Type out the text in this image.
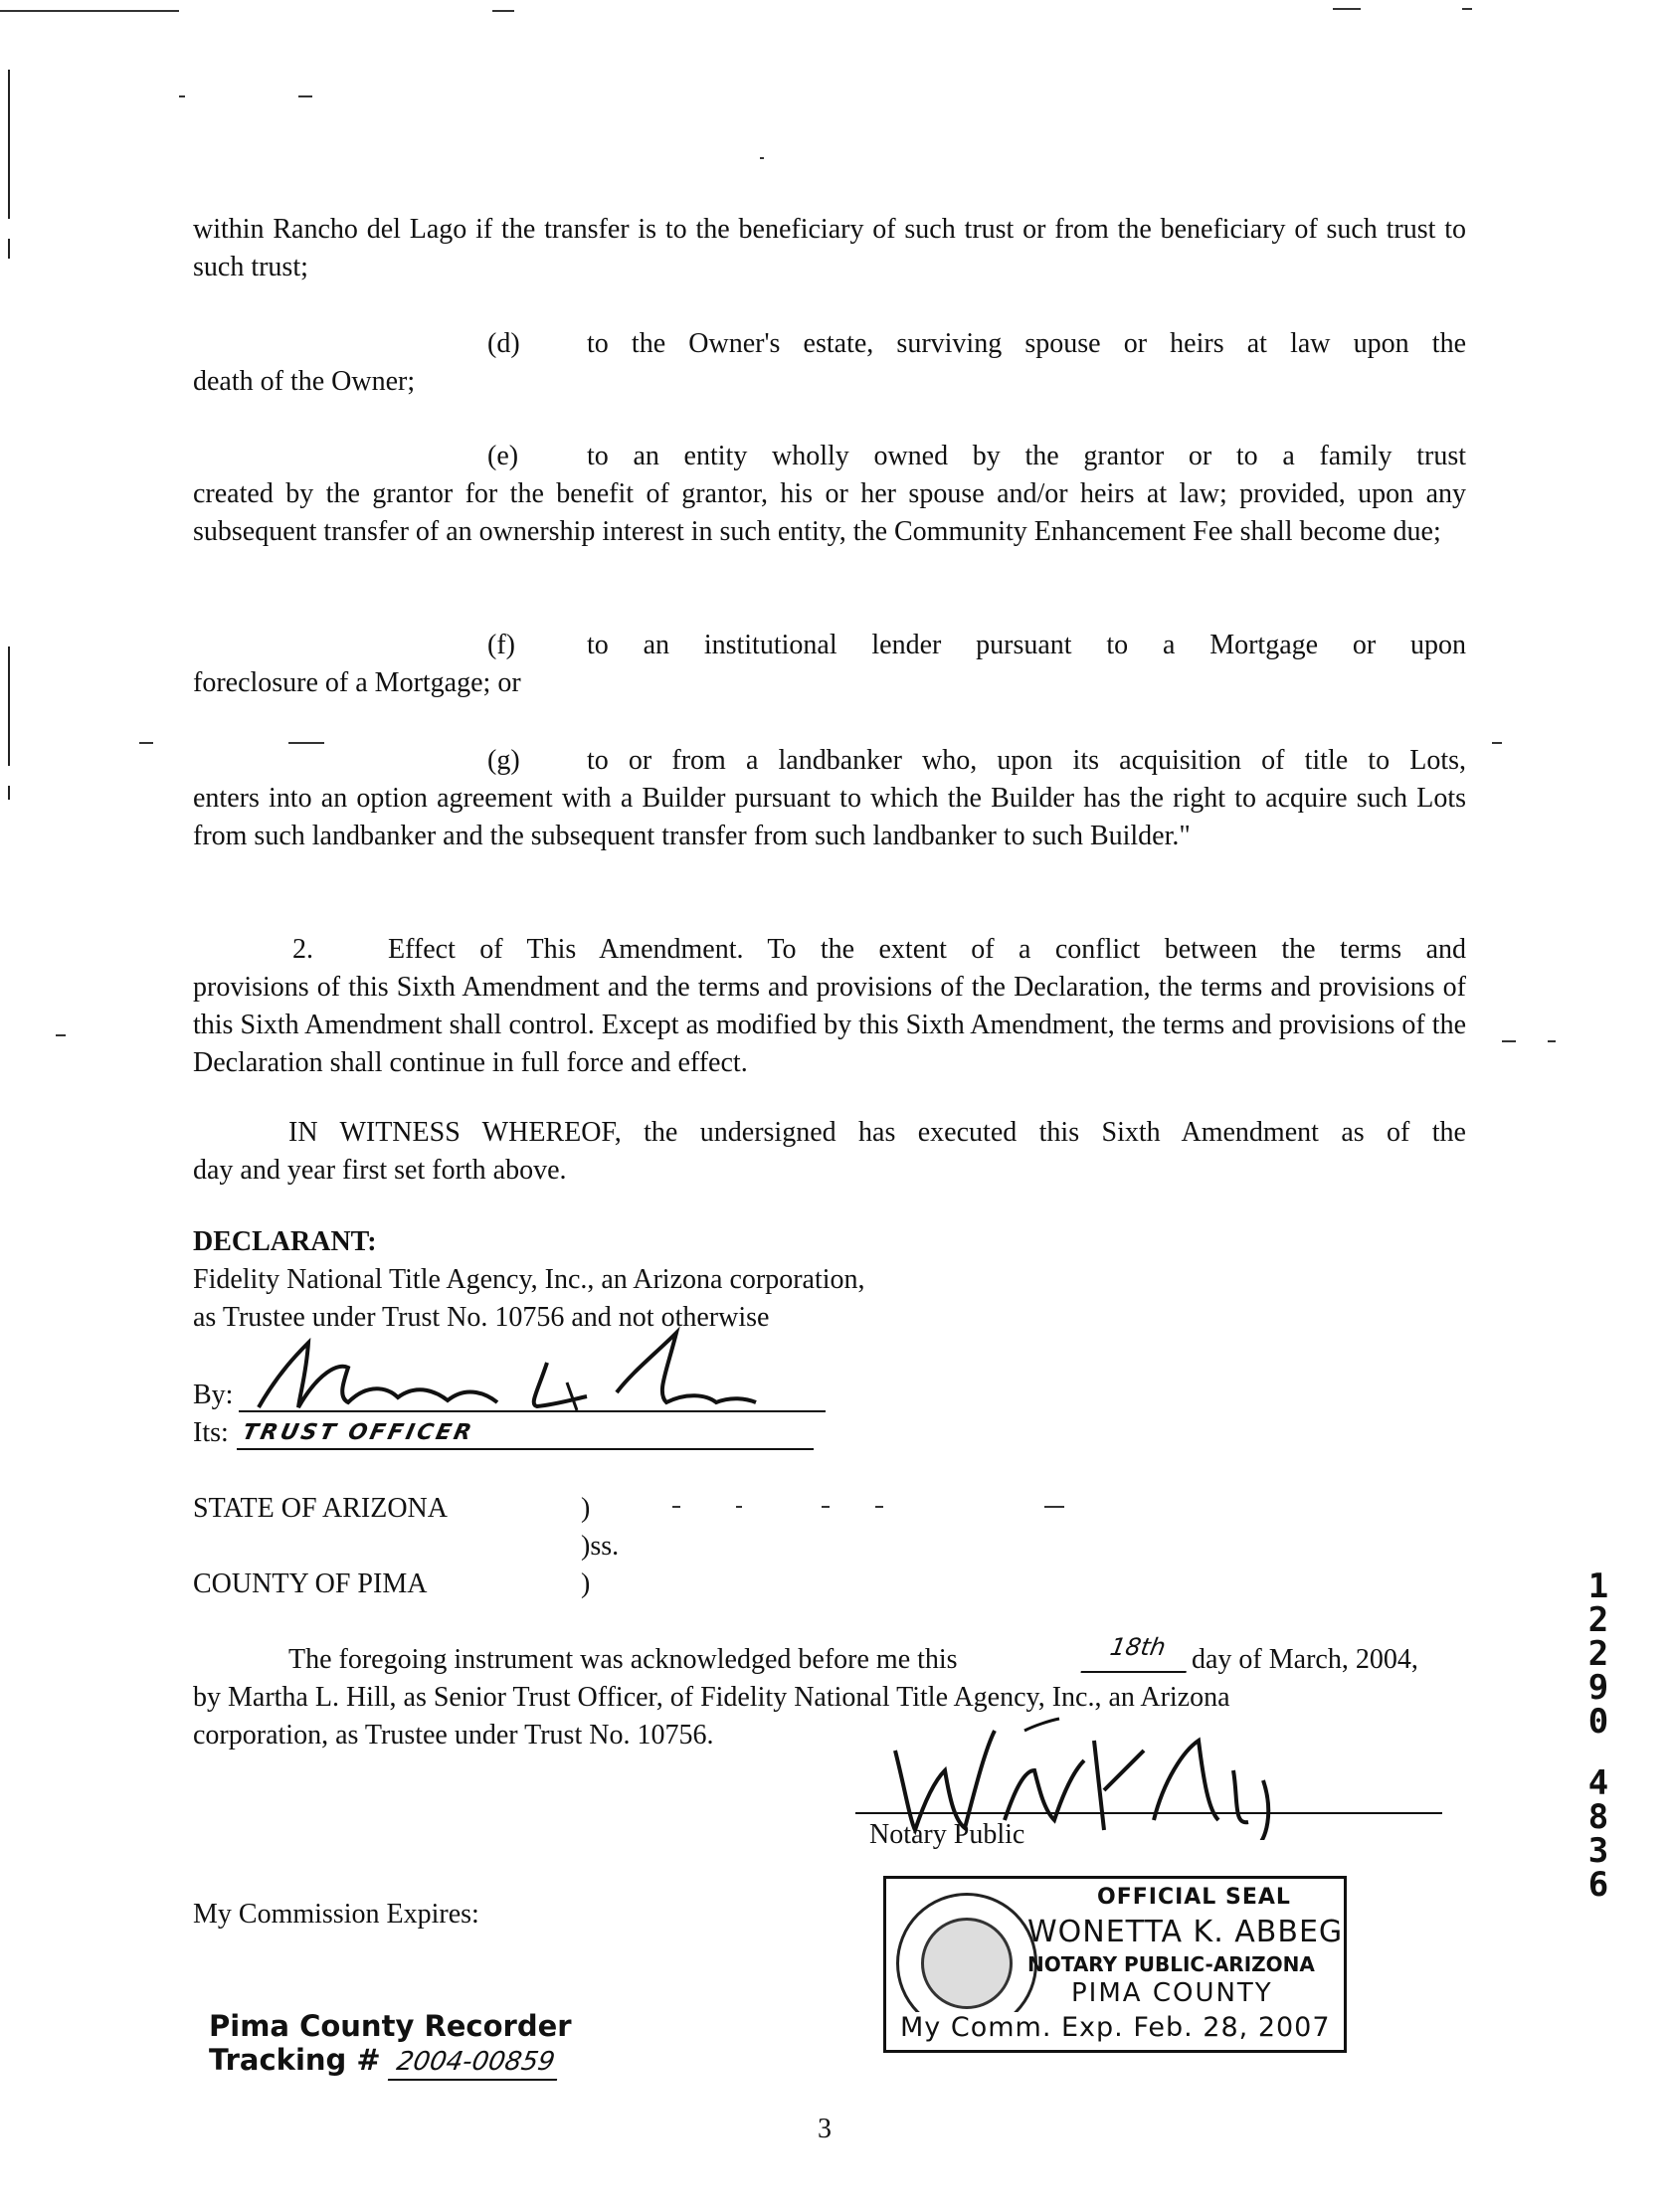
within Rancho del Lago if the transfer is to the beneficiary of such trust or from the beneficiary of such trust to such trust;
(d) to the Owner's estate, surviving spouse or heirs at law upon the
death of the Owner;
(e) to an entity wholly owned by the grantor or to a family trust
created by the grantor for the benefit of grantor, his or her spouse and/or heirs at law; provided, upon any subsequent transfer of an ownership interest in such entity, the Community Enhancement Fee shall become due;
(f)	to an institutional lender pursuant to a Mortgage or upon
foreclosure of a Mortgage; or
(g) to or from a landbanker who, upon its acquisition of title to Lots,
enters into an option agreement with a Builder pursuant to which the Builder has the right to acquire such Lots from such landbanker and the subsequent transfer from such landbanker to such Builder."
2.	Effect of This Amendment. To the extent of a conflict between the terms and
provisions of this Sixth Amendment and the terms and provisions of the Declaration, the terms and provisions of this Sixth Amendment shall control. Except as modified by this Sixth Amendment, the terms and provisions of the Declaration shall continue in full force and effect.
IN WITNESS WHEREOF, the undersigned has executed this Sixth Amendment as of the
day and year first set forth above.
DECLARANT:
Fidelity National Title Agency, Inc., an Arizona corporation,
as Trustee under Trust No. 10756 and not otherwise
By:
Its: TRUST OFFICER
STATE OF ARIZONA	)
)ss.
COUNTY OF PIMA	)
The foregoing instrument was acknowledged before me this	18th day of March, 2004,
by Martha L. Hill, as Senior Trust Officer, of Fidelity National Title Agency, Inc., an Arizona
corporation, as Trustee under Trust No. 10756.
Notary Public
My Commission Expires:
OFFICIAL SEAL
WONETTA K. ABBEG
NOTARY PUBLIC-ARIZONA
PIMA COUNTY
My Comm. Exp. Feb. 28, 2007
Pima County Recorder
Tracking # 2004-00859
3
1
2
2
9
0
4
8
3
6
